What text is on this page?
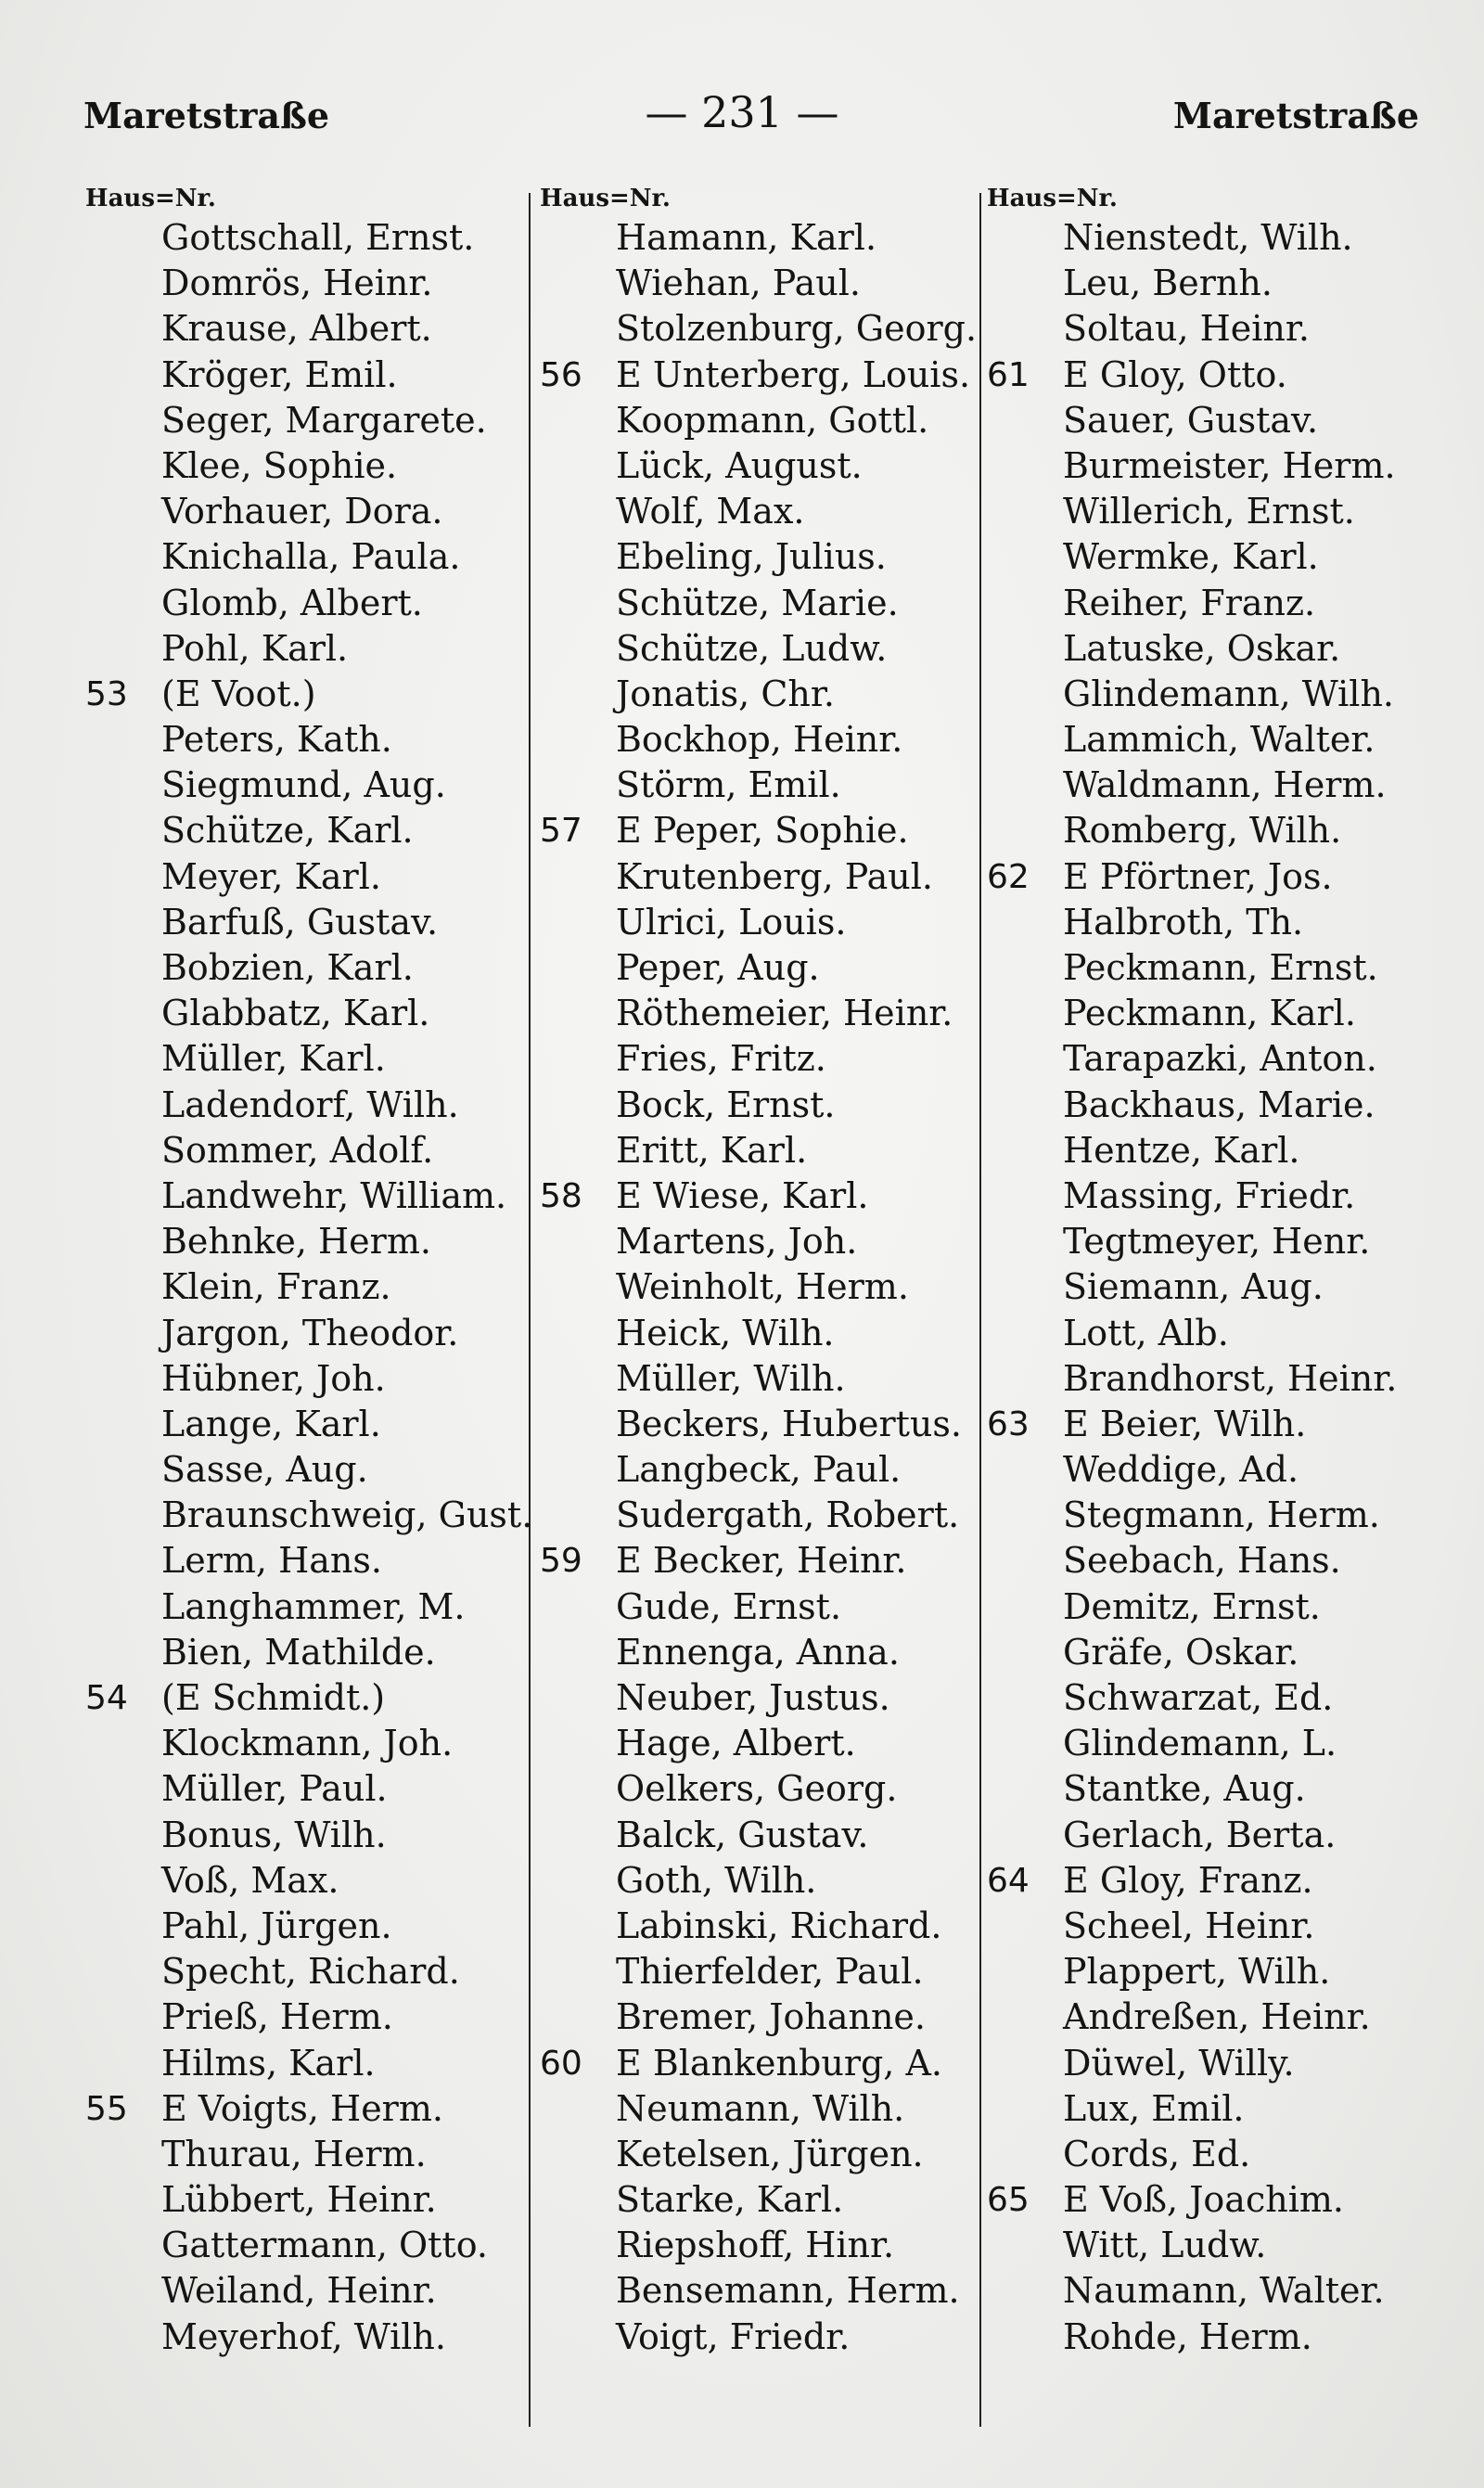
Maretstraße	— 231 —	Maretstraße
Haus=Nr.
Gottschall, Ernst.
Domrös, Heinr.
Krause, Albert.
Kröger, Emil.
Seger, Margarete.
Klee, Sophie.
Vorhauer, Dora.
Knichalla, Paula.
Glomb, Albert.
Pohl, Karl.
53 (E Voot.)
Peters, Kath.
Siegmund, Aug.
Schütze, Karl.
Meyer, Karl.
Barfuß, Gustav.
Bobzien, Karl.
Glabbatz, Karl.
Müller, Karl.
Ladendorf, Wilh.
Sommer, Adolf.
Landwehr, William.
Behnke, Herm.
Klein, Franz.
Jargon, Theodor.
Hübner, Joh.
Lange, Karl.
Sasse, Aug.
Braunschweig, Gust.
Lerm, Hans.
Langhammer, M.
Bien, Mathilde.
54 (E Schmidt.)
Klockmann, Joh.
Müller, Paul.
Bonus, Wilh.
Voß, Max.
Pahl, Jürgen.
Specht, Richard.
Prieß, Herm.
Hilms, Karl.
55 E Voigts, Herm.
Thurau, Herm.
Lübbert, Heinr.
Gattermann, Otto.
Weiland, Heinr.
Meyerhof, Wilh.
Haus=Nr.
Hamann, Karl.
Wiehan, Paul.
Stolzenburg, Georg.
56 E Unterberg, Louis.
Koopmann, Gottl.
Lück, August.
Wolf, Max.
Ebeling, Julius.
Schütze, Marie.
Schütze, Ludw.
Jonatis, Chr.
Bockhop, Heinr.
Störm, Emil.
57 E Peper, Sophie.
Krutenberg, Paul.
Ulrici, Louis.
Peper, Aug.
Röthemeier, Heinr.
Fries, Fritz.
Bock, Ernst.
Eritt, Karl.
58 E Wiese, Karl.
Martens, Joh.
Weinholt, Herm.
Heick, Wilh.
Müller, Wilh.
Beckers, Hubertus.
Langbeck, Paul.
Sudergath, Robert.
59 E Becker, Heinr.
Gude, Ernst.
Ennenga, Anna.
Neuber, Justus.
Hage, Albert.
Oelkers, Georg.
Balck, Gustav.
Goth, Wilh.
Labinski, Richard.
Thierfelder, Paul.
Bremer, Johanne.
60 E Blankenburg, A.
Neumann, Wilh.
Ketelsen, Jürgen.
Starke, Karl.
Riepshoff, Hinr.
Bensemann, Herm.
Voigt, Friedr.
Haus=Nr.
Nienstedt, Wilh.
Leu, Bernh.
Soltau, Heinr.
61 E Gloy, Otto.
Sauer, Gustav.
Burmeister, Herm.
Willerich, Ernst.
Wermke, Karl.
Reiher, Franz.
Latuske, Oskar.
Glindemann, Wilh.
Lammich, Walter.
Waldmann, Herm.
Romberg, Wilh.
62 E Pförtner, Jos.
Halbroth, Th.
Peckmann, Ernst.
Peckmann, Karl.
Tarapazki, Anton.
Backhaus, Marie.
Hentze, Karl.
Massing, Friedr.
Tegtmeyer, Henr.
Siemann, Aug.
Lott, Alb.
Brandhorst, Heinr.
63 E Beier, Wilh.
Weddige, Ad.
Stegmann, Herm.
Seebach, Hans.
Demitz, Ernst.
Gräfe, Oskar.
Schwarzat, Ed.
Glindemann, L.
Stantke, Aug.
Gerlach, Berta.
64 E Gloy, Franz.
Scheel, Heinr.
Plappert, Wilh.
Andreßen, Heinr.
Düwel, Willy.
Lux, Emil.
Cords, Ed.
65 E Voß, Joachim.
Witt, Ludw.
Naumann, Walter.
Rohde, Herm.
